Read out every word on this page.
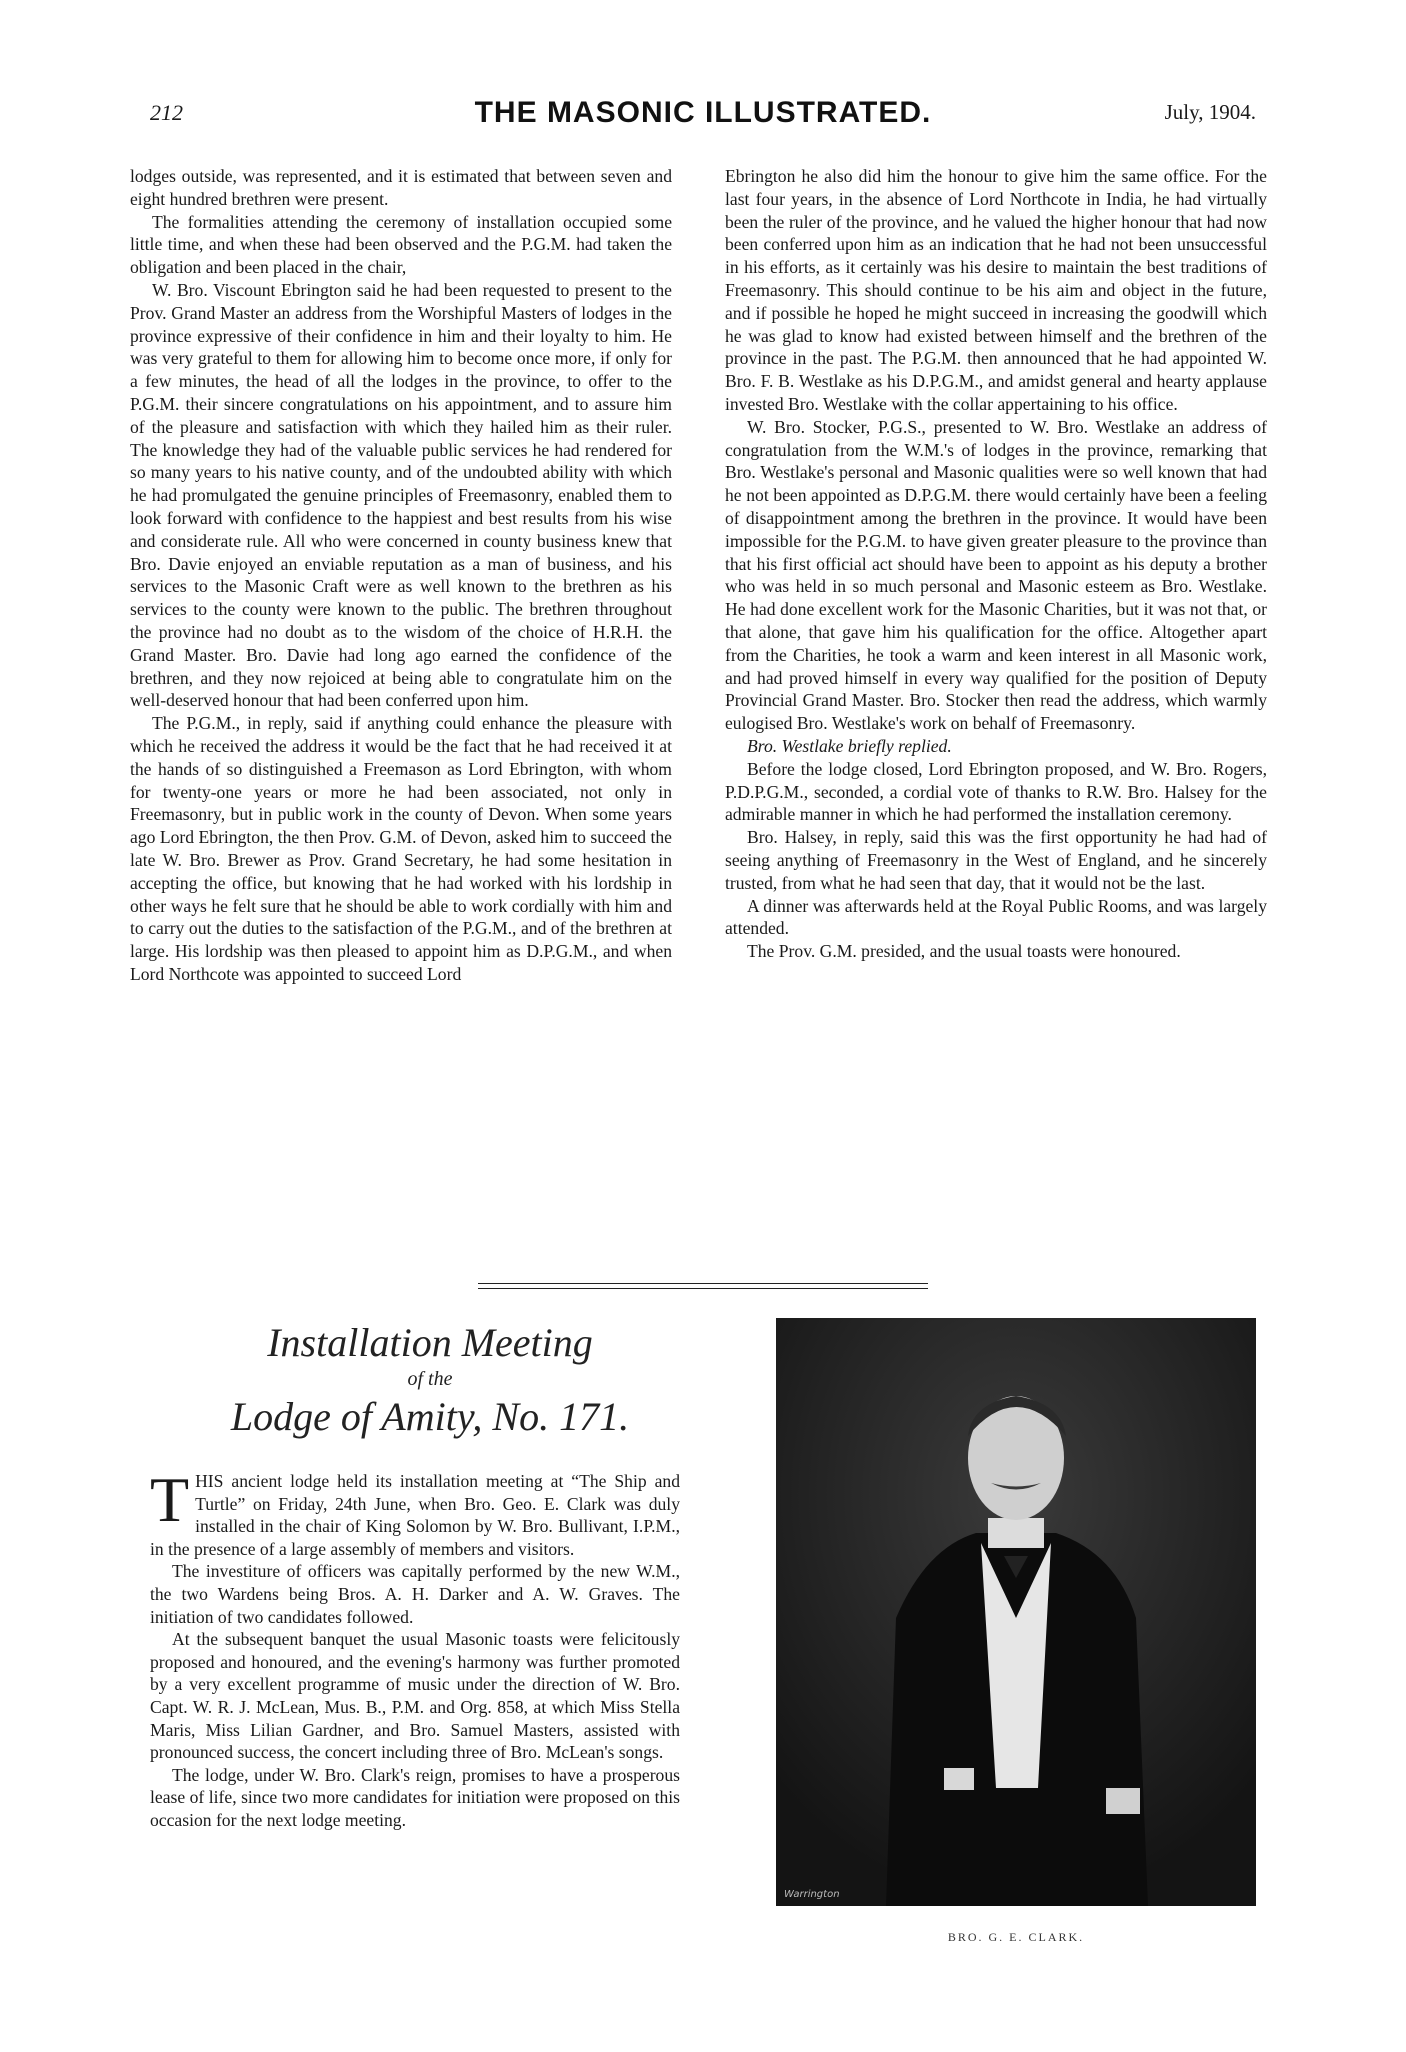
212	THE MASONIC ILLUSTRATED.	July, 1904.

lodges outside, was represented, and it is estimated that between seven and eight hundred brethren were present.

The formalities attending the ceremony of installation occupied some little time, and when these had been observed and the P.G.M. had taken the obligation and been placed in the chair,

W. Bro. Viscount Ebrington said he had been requested to present to the Prov. Grand Master an address from the Worshipful Masters of lodges in the province expressive of their confidence in him and their loyalty to him. He was very grateful to them for allowing him to become once more, if only for a few minutes, the head of all the lodges in the province, to offer to the P.G.M. their sincere congratulations on his appointment, and to assure him of the pleasure and satisfaction with which they hailed him as their ruler. The knowledge they had of the valuable public services he had rendered for so many years to his native county, and of the undoubted ability with which he had promulgated the genuine principles of Freemasonry, enabled them to look forward with confidence to the happiest and best results from his wise and considerate rule. All who were concerned in county business knew that Bro. Davie enjoyed an enviable reputation as a man of business, and his services to the Masonic Craft were as well known to the brethren as his services to the county were known to the public. The brethren throughout the province had no doubt as to the wisdom of the choice of H.R.H. the Grand Master. Bro. Davie had long ago earned the confidence of the brethren, and they now rejoiced at being able to congratulate him on the well-deserved honour that had been conferred upon him.

The P.G.M., in reply, said if anything could enhance the pleasure with which he received the address it would be the fact that he had received it at the hands of so distinguished a Freemason as Lord Ebrington, with whom for twenty-one years or more he had been associated, not only in Freemasonry, but in public work in the county of Devon. When some years ago Lord Ebrington, the then Prov. G.M. of Devon, asked him to succeed the late W. Bro. Brewer as Prov. Grand Secretary, he had some hesitation in accepting the office, but knowing that he had worked with his lordship in other ways he felt sure that he should be able to work cordially with him and to carry out the duties to the satisfaction of the P.G.M., and of the brethren at large. His lordship was then pleased to appoint him as D.P.G.M., and when Lord Northcote was appointed to succeed Lord

Ebrington he also did him the honour to give him the same office. For the last four years, in the absence of Lord Northcote in India, he had virtually been the ruler of the province, and he valued the higher honour that had now been conferred upon him as an indication that he had not been unsuccessful in his efforts, as it certainly was his desire to maintain the best traditions of Freemasonry. This should continue to be his aim and object in the future, and if possible he hoped he might succeed in increasing the goodwill which he was glad to know had existed between himself and the brethren of the province in the past. The P.G.M. then announced that he had appointed W. Bro. F. B. Westlake as his D.P.G.M., and amidst general and hearty applause invested Bro. Westlake with the collar appertaining to his office.

W. Bro. Stocker, P.G.S., presented to W. Bro. Westlake an address of congratulation from the W.M.'s of lodges in the province, remarking that Bro. Westlake's personal and Masonic qualities were so well known that had he not been appointed as D.P.G.M. there would certainly have been a feeling of disappointment among the brethren in the province. It would have been impossible for the P.G.M. to have given greater pleasure to the province than that his first official act should have been to appoint as his deputy a brother who was held in so much personal and Masonic esteem as Bro. Westlake. He had done excellent work for the Masonic Charities, but it was not that, or that alone, that gave him his qualification for the office. Altogether apart from the Charities, he took a warm and keen interest in all Masonic work, and had proved himself in every way qualified for the position of Deputy Provincial Grand Master. Bro. Stocker then read the address, which warmly eulogised Bro. Westlake's work on behalf of Freemasonry.

Bro. Westlake briefly replied.

Before the lodge closed, Lord Ebrington proposed, and W. Bro. Rogers, P.D.P.G.M., seconded, a cordial vote of thanks to R.W. Bro. Halsey for the admirable manner in which he had performed the installation ceremony.

Bro. Halsey, in reply, said this was the first opportunity he had had of seeing anything of Freemasonry in the West of England, and he sincerely trusted, from what he had seen that day, that it would not be the last.

A dinner was afterwards held at the Royal Public Rooms, and was largely attended.

The Prov. G.M. presided, and the usual toasts were honoured.

Installation Meeting
of the
Lodge of Amity, No. 171.

THIS ancient lodge held its installation meeting at “The Ship and Turtle” on Friday, 24th June, when Bro. Geo. E. Clark was duly installed in the chair of King Solomon by W. Bro. Bullivant, I.P.M., in the presence of a large assembly of members and visitors.

The investiture of officers was capitally performed by the new W.M., the two Wardens being Bros. A. H. Darker and A. W. Graves. The initiation of two candidates followed.

At the subsequent banquet the usual Masonic toasts were felicitously proposed and honoured, and the evening's harmony was further promoted by a very excellent programme of music under the direction of W. Bro. Capt. W. R. J. McLean, Mus. B., P.M. and Org. 858, at which Miss Stella Maris, Miss Lilian Gardner, and Bro. Samuel Masters, assisted with pronounced success, the concert including three of Bro. McLean's songs.

The lodge, under W. Bro. Clark's reign, promises to have a prosperous lease of life, since two more candidates for initiation were proposed on this occasion for the next lodge meeting.

Warrington
BRO. G. E. CLARK.
